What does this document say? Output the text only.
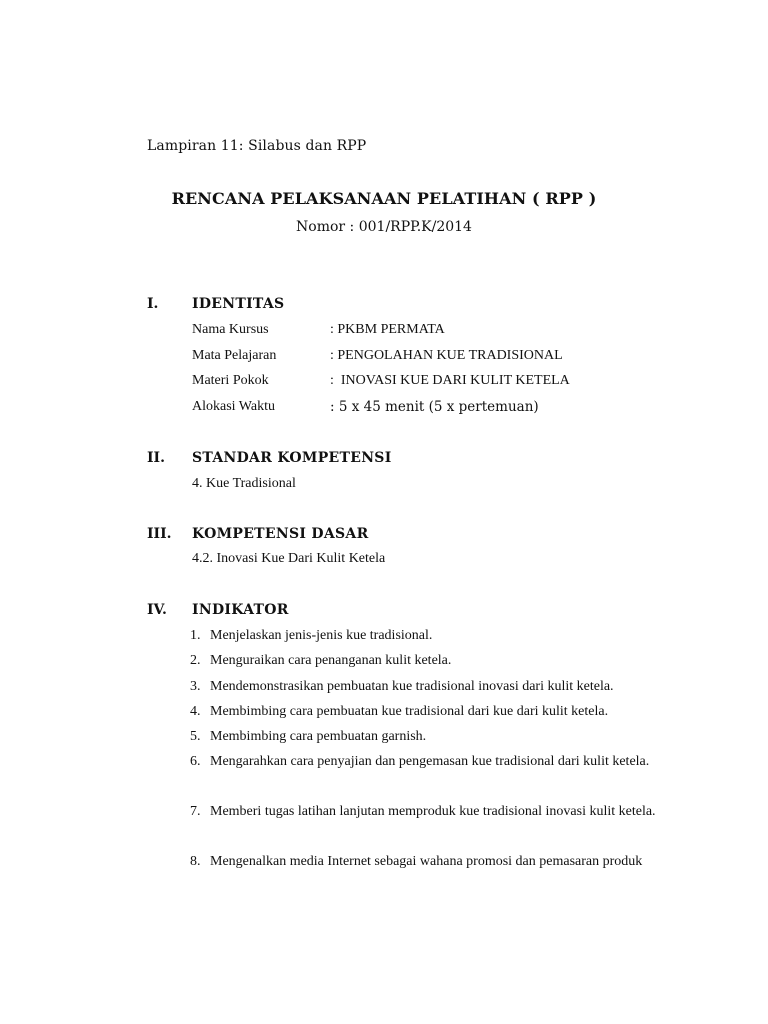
Lampiran 11: Silabus dan RPP
RENCANA PELAKSANAAN PELATIHAN ( RPP )
Nomor : 001/RPP.K/2014
I. IDENTITAS
Nama Kursus	: PKBM PERMATA
Mata Pelajaran	: PENGOLAHAN KUE TRADISIONAL
Materi Pokok	:  INOVASI KUE DARI KULIT KETELA
Alokasi Waktu	: 5 x 45 menit (5 x pertemuan)
II. STANDAR KOMPETENSI
4. Kue Tradisional
III. KOMPETENSI DASAR
4.2. Inovasi Kue Dari Kulit Ketela
IV. INDIKATOR
1. Menjelaskan jenis-jenis kue tradisional.
2. Menguraikan cara penanganan kulit ketela.
3. Mendemonstrasikan pembuatan kue tradisional inovasi dari kulit ketela.
4. Membimbing cara pembuatan kue tradisional dari kue dari kulit ketela.
5. Membimbing cara pembuatan garnish.
6. Mengarahkan cara penyajian dan pengemasan kue tradisional dari kulit ketela.
7. Memberi tugas latihan lanjutan memproduk kue tradisional inovasi kulit ketela.
8. Mengenalkan media Internet sebagai wahana promosi dan pemasaran produk
